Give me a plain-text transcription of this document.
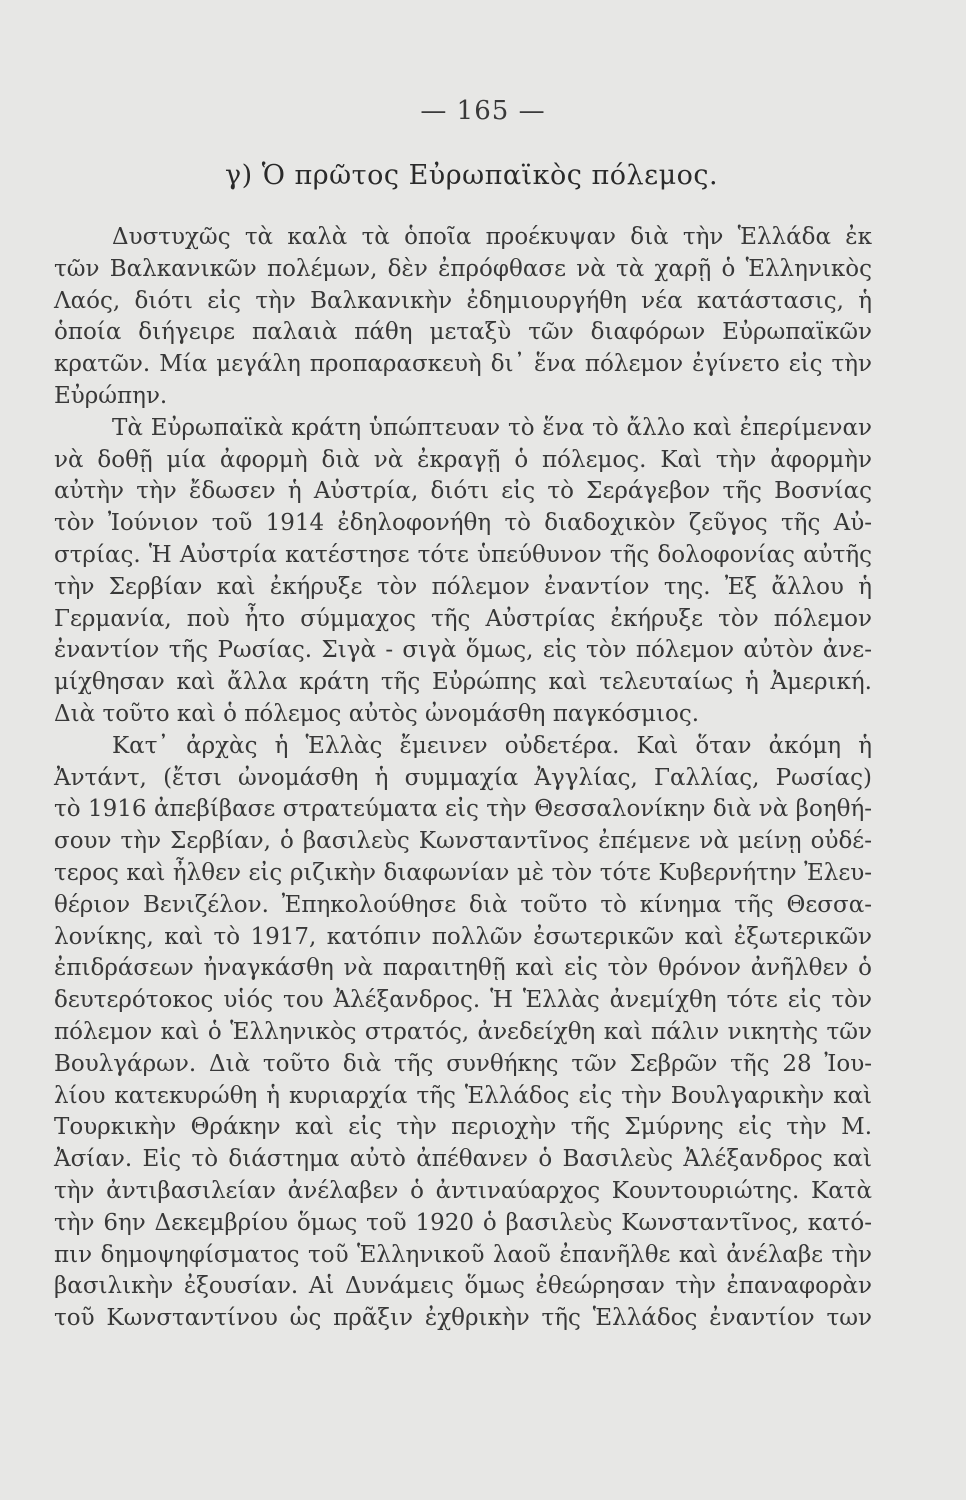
— 165 —
γ) Ὁ πρῶτος Εὐρωπαϊκὸς πόλεμος.
Δυστυχῶς τὰ καλὰ τὰ ὁποῖα προέκυψαν διὰ τὴν Ἑλλάδα ἐκ
τῶν Βαλκανικῶν πολέμων, δὲν ἐπρόφθασε νὰ τὰ χαρῇ ὁ Ἑλληνικὸς
Λαός, διότι εἰς τὴν Βαλκανικὴν ἐδημιουργήθη νέα κατάστασις, ἡ
ὁποία διήγειρε παλαιὰ πάθη μεταξὺ τῶν διαφόρων Εὐρωπαϊκῶν
κρατῶν. Μία μεγάλη προπαρασκευὴ δι᾽ ἕνα πόλεμον ἐγίνετο εἰς τὴν
Εὐρώπην.
Τὰ Εὐρωπαϊκὰ κράτη ὑπώπτευαν τὸ ἕνα τὸ ἄλλο καὶ ἐπερίμεναν
νὰ δοθῇ μία ἀφορμὴ διὰ νὰ ἐκραγῇ ὁ πόλεμος. Καὶ τὴν ἀφορμὴν
αὐτὴν τὴν ἔδωσεν ἡ Αὐστρία, διότι εἰς τὸ Σεράγεβον τῆς Βοσνίας
τὸν Ἰούνιον τοῦ 1914 ἐδηλοφονήθη τὸ διαδοχικὸν ζεῦγος τῆς Αὐ-
στρίας. Ἡ Αὐστρία κατέστησε τότε ὑπεύθυνον τῆς δολοφονίας αὐτῆς
τὴν Σερβίαν καὶ ἐκήρυξε τὸν πόλεμον ἐναντίον της. Ἐξ ἄλλου ἡ
Γερμανία, ποὺ ἦτο σύμμαχος τῆς Αὐστρίας ἐκήρυξε τὸν πόλεμον
ἐναντίον τῆς Ρωσίας. Σιγὰ - σιγὰ ὅμως, εἰς τὸν πόλεμον αὐτὸν ἀνε-
μίχθησαν καὶ ἄλλα κράτη τῆς Εὐρώπης καὶ τελευταίως ἡ Ἀμερική.
Διὰ τοῦτο καὶ ὁ πόλεμος αὐτὸς ὠνομάσθη παγκόσμιος.
Κατ᾽ ἀρχὰς ἡ Ἑλλὰς ἔμεινεν οὐδετέρα. Καὶ ὅταν ἀκόμη ἡ
Ἀντάντ, (ἔτσι ὠνομάσθη ἡ συμμαχία Ἀγγλίας, Γαλλίας, Ρωσίας)
τὸ 1916 ἀπεβίβασε στρατεύματα εἰς τὴν Θεσσαλονίκην διὰ νὰ βοηθή-
σουν τὴν Σερβίαν, ὁ βασιλεὺς Κωνσταντῖνος ἐπέμενε νὰ μείνῃ οὐδέ-
τερος καὶ ἦλθεν εἰς ριζικὴν διαφωνίαν μὲ τὸν τότε Κυβερνήτην Ἐλευ-
θέριον Βενιζέλον. Ἐπηκολούθησε διὰ τοῦτο τὸ κίνημα τῆς Θεσσα-
λονίκης, καὶ τὸ 1917, κατόπιν πολλῶν ἐσωτερικῶν καὶ ἐξωτερικῶν
ἐπιδράσεων ἠναγκάσθη νὰ παραιτηθῇ καὶ εἰς τὸν θρόνον ἀνῆλθεν ὁ
δευτερότοκος υἱός του Ἀλέξανδρος. Ἡ Ἑλλὰς ἀνεμίχθη τότε εἰς τὸν
πόλεμον καὶ ὁ Ἑλληνικὸς στρατός, ἀνεδείχθη καὶ πάλιν νικητὴς τῶν
Βουλγάρων. Διὰ τοῦτο διὰ τῆς συνθήκης τῶν Σεβρῶν τῆς 28 Ἰου-
λίου κατεκυρώθη ἡ κυριαρχία τῆς Ἑλλάδος εἰς τὴν Βουλγαρικὴν καὶ
Τουρκικὴν Θράκην καὶ εἰς τὴν περιοχὴν τῆς Σμύρνης εἰς τὴν Μ.
Ἀσίαν. Εἰς τὸ διάστημα αὐτὸ ἀπέθανεν ὁ Βασιλεὺς Ἀλέξανδρος καὶ
τὴν ἀντιβασιλείαν ἀνέλαβεν ὁ ἀντιναύαρχος Κουντουριώτης. Κατὰ
τὴν 6ην Δεκεμβρίου ὅμως τοῦ 1920 ὁ βασιλεὺς Κωνσταντῖνος, κατό-
πιν δημοψηφίσματος τοῦ Ἑλληνικοῦ λαοῦ ἐπανῆλθε καὶ ἀνέλαβε τὴν
βασιλικὴν ἐξουσίαν. Αἱ Δυνάμεις ὅμως ἐθεώρησαν τὴν ἐπαναφορὰν
τοῦ Κωνσταντίνου ὡς πρᾶξιν ἐχθρικὴν τῆς Ἑλλάδος ἐναντίον των
